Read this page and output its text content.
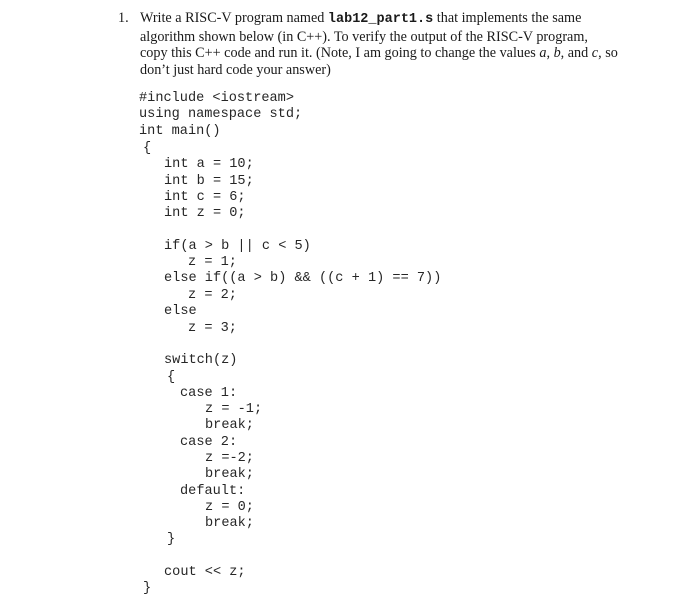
1. Write a RISC-V program named lab12_part1.s that implements the same algorithm shown below (in C++). To verify the output of the RISC-V program, copy this C++ code and run it. (Note, I am going to change the values a, b, and c, so don’t just hard code your answer)
#include <iostream>
using namespace std;
int main()
{
int a = 10;
int b = 15;
int c = 6;
int z = 0;
if(a > b || c < 5)
z = 1;
else if((a > b) && ((c + 1) == 7))
z = 2;
else
z = 3;
switch(z)
{
case 1:
z = -1;
break;
case 2:
z =-2;
break;
default:
z = 0;
break;
}
cout << z;
}
